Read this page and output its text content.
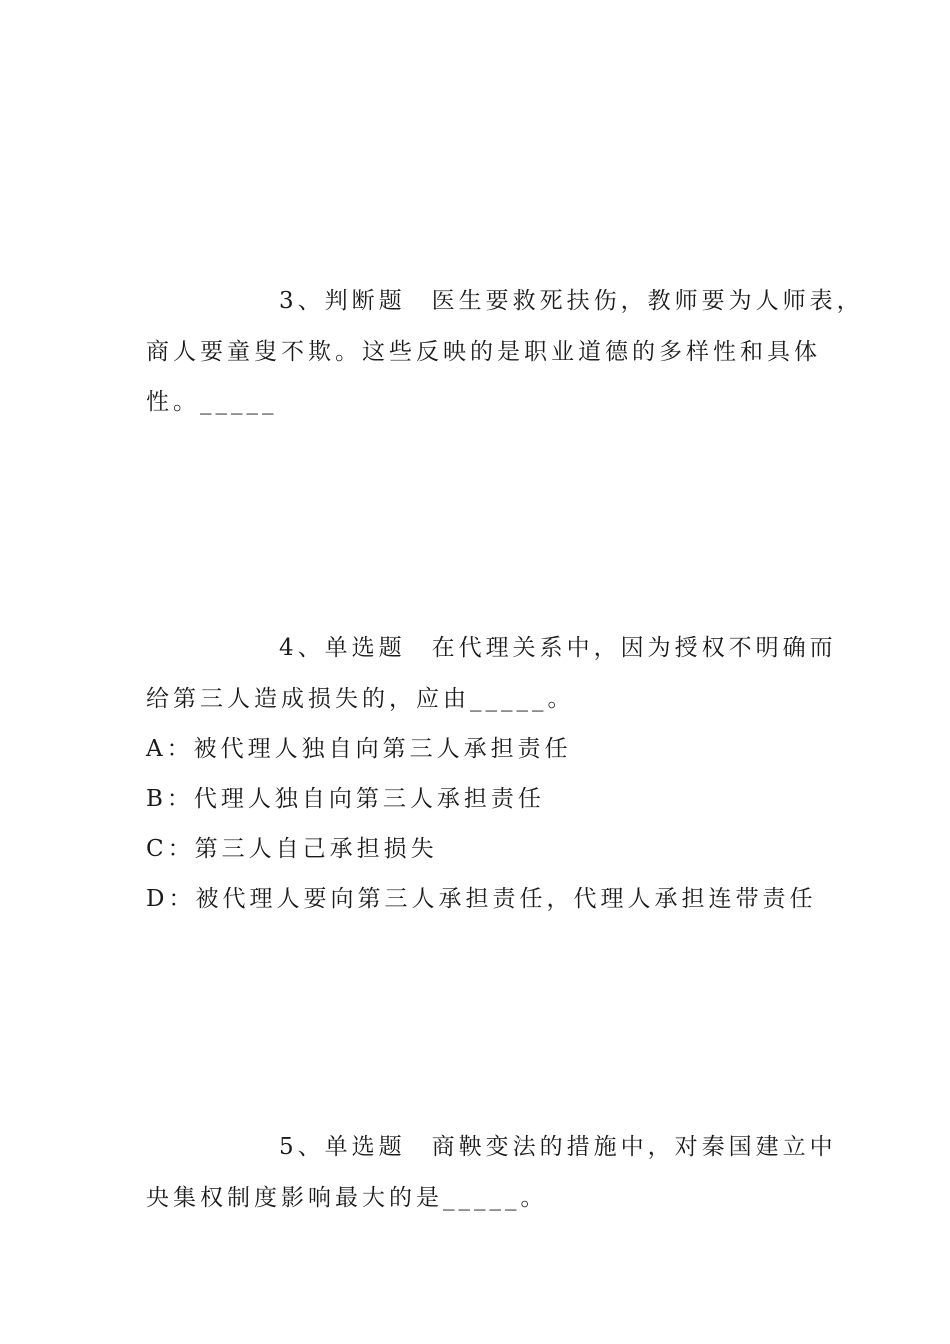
3、判断题 医生要救死扶伤，教师要为人师表，
商人要童叟不欺。这些反映的是职业道德的多样性和具体
性。_____
4、单选题 在代理关系中，因为授权不明确而
给第三人造成损失的，应由_____。
A：被代理人独自向第三人承担责任
B：代理人独自向第三人承担责任
C：第三人自己承担损失
D：被代理人要向第三人承担责任，代理人承担连带责任
5、单选题 商鞅变法的措施中，对秦国建立中
央集权制度影响最大的是_____。
